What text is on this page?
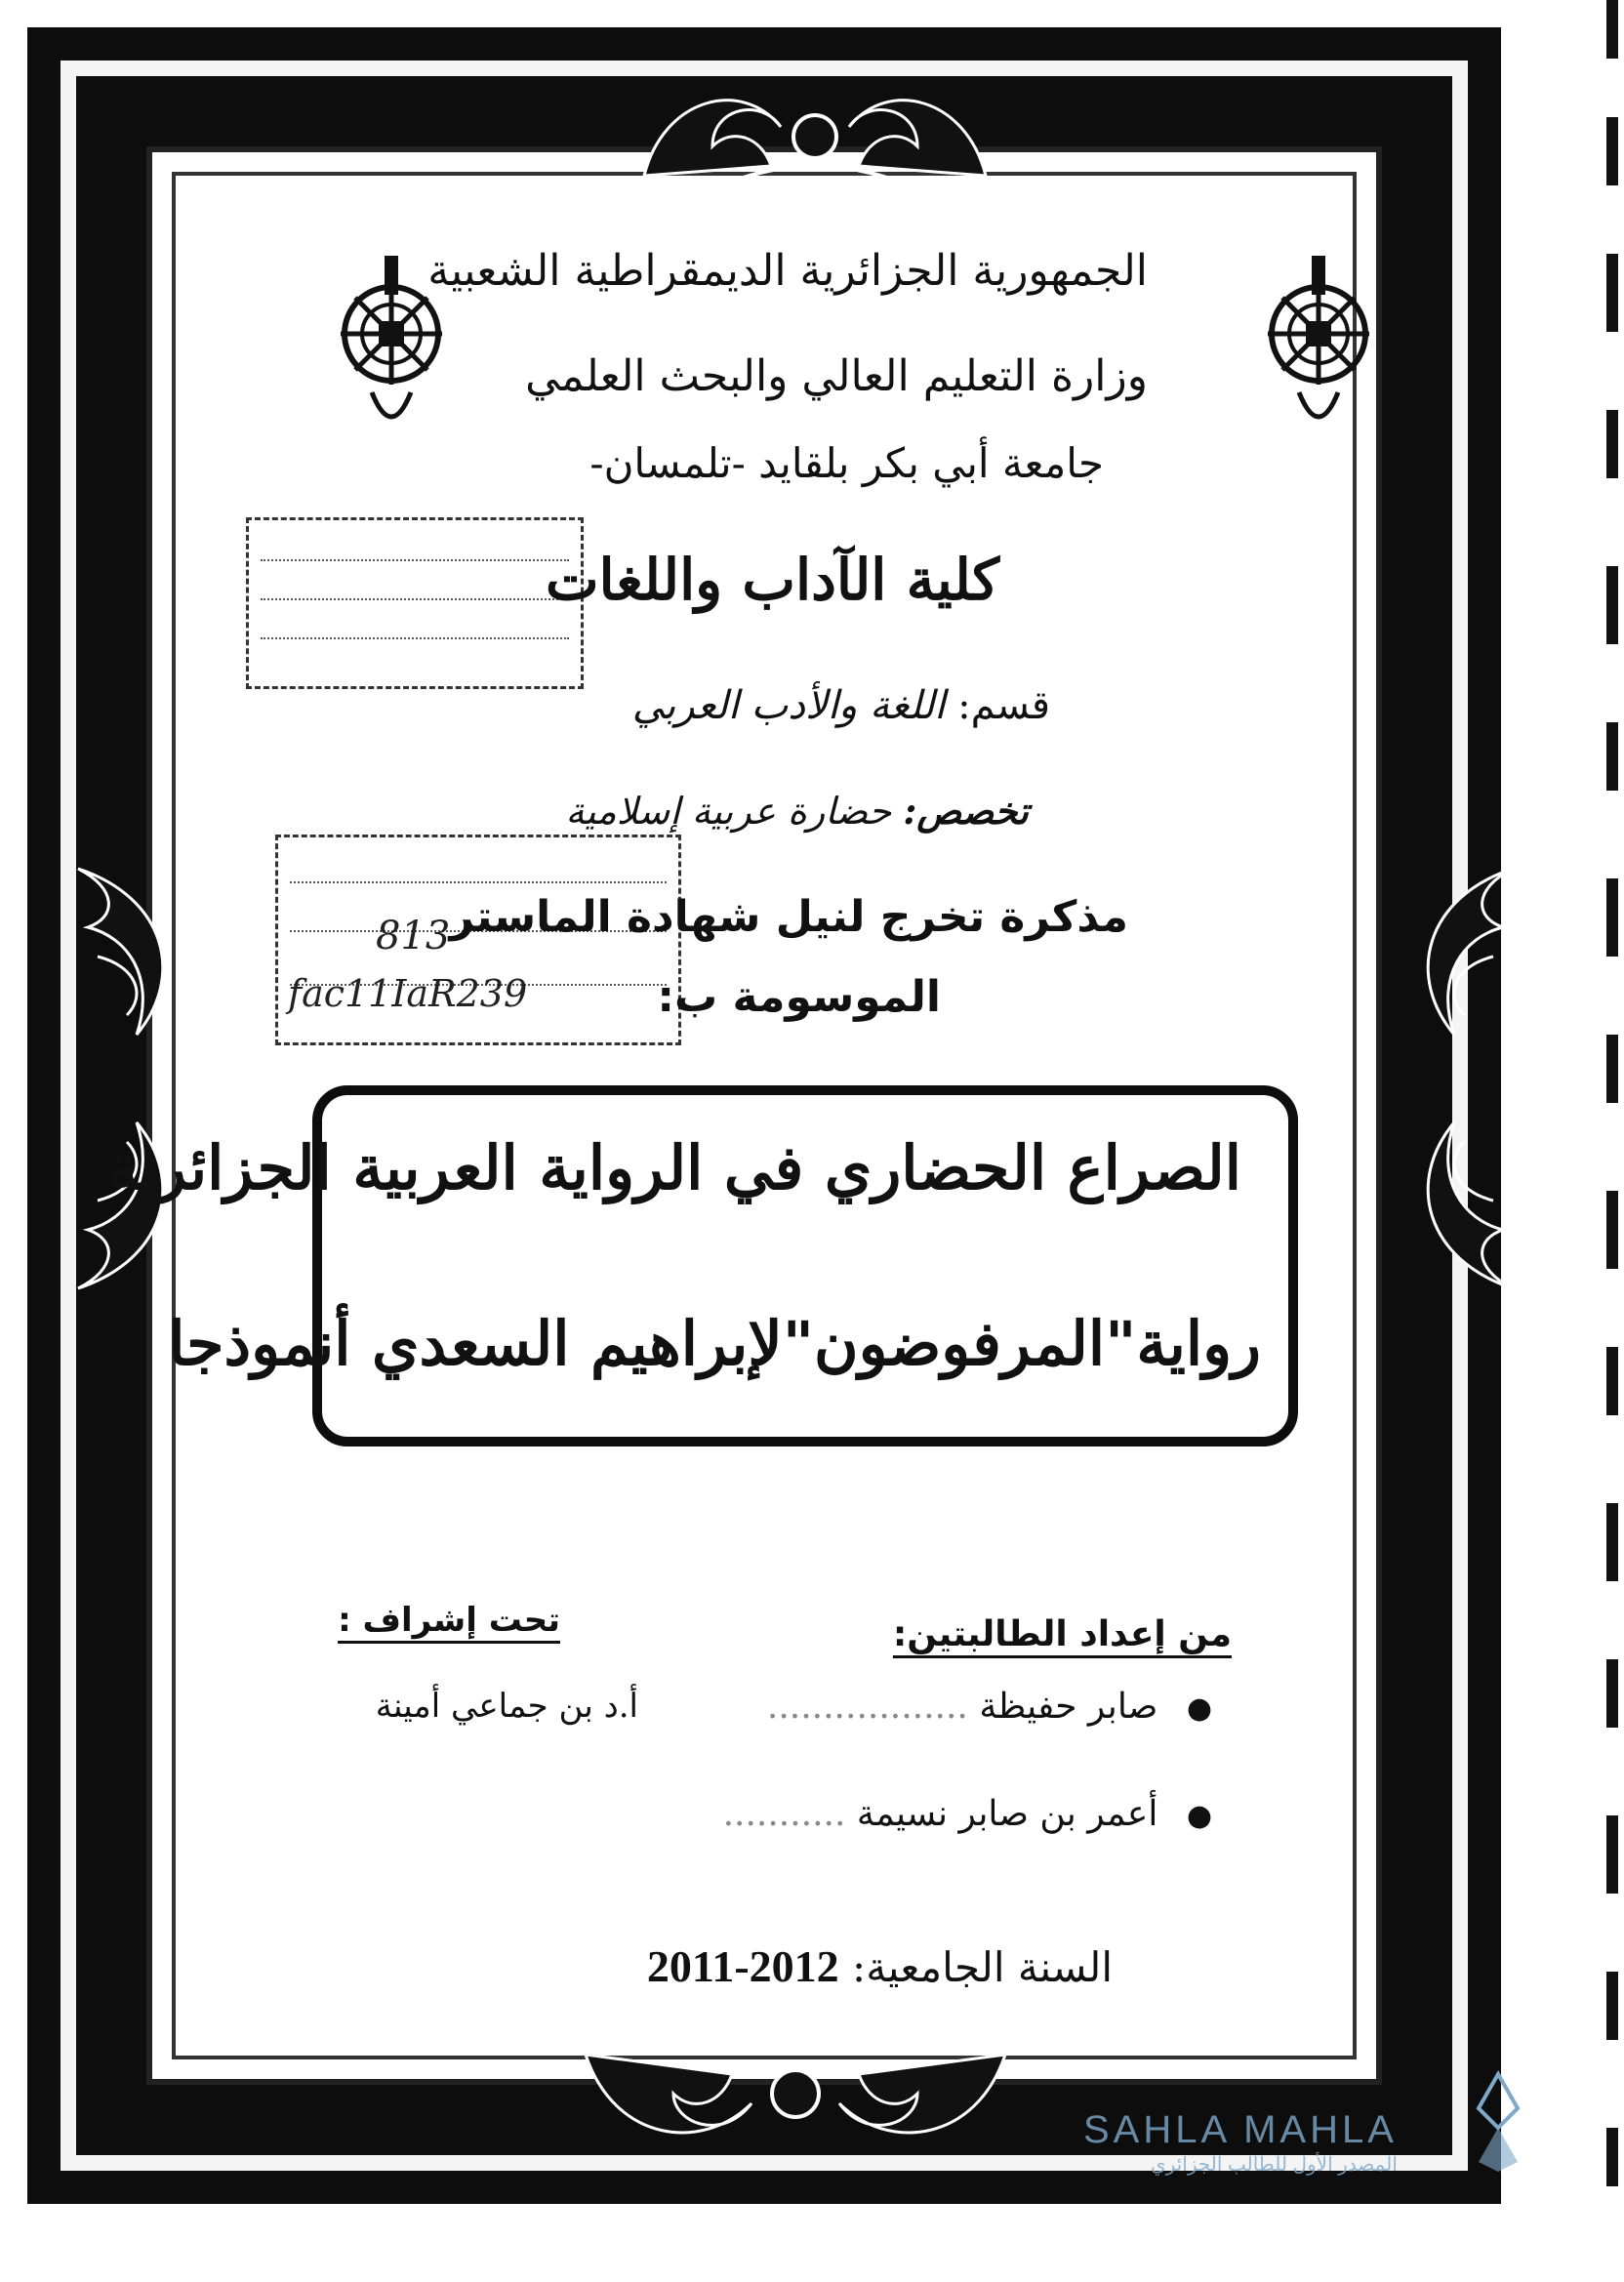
الجمهورية الجزائرية الديمقراطية الشعبية
وزارة التعليم العالي والبحث العلمي
جامعة أبي بكر بلقايد -تلمسان-
كلية الآداب واللغات
قسم: اللغة والأدب العربي
تخصص: حضارة عربية إسلامية
813
fac11IaR239
مذكرة تخرج لنيل شهادة الماستر
الموسومة ب:
الصراع الحضاري في الرواية العربية الجزائرية
رواية"المرفوضون"لإبراهيم السعدي أنموذجا
من إعداد الطالبتين:
● صابر حفيظة ..................
● أعمر بن صابر نسيمة ...........
تحت إشراف :
أ.د بن جماعي أمينة
السنة الجامعية: 2011-2012
SAHLA MAHLA
المصدر الأول للطالب الجزائري
